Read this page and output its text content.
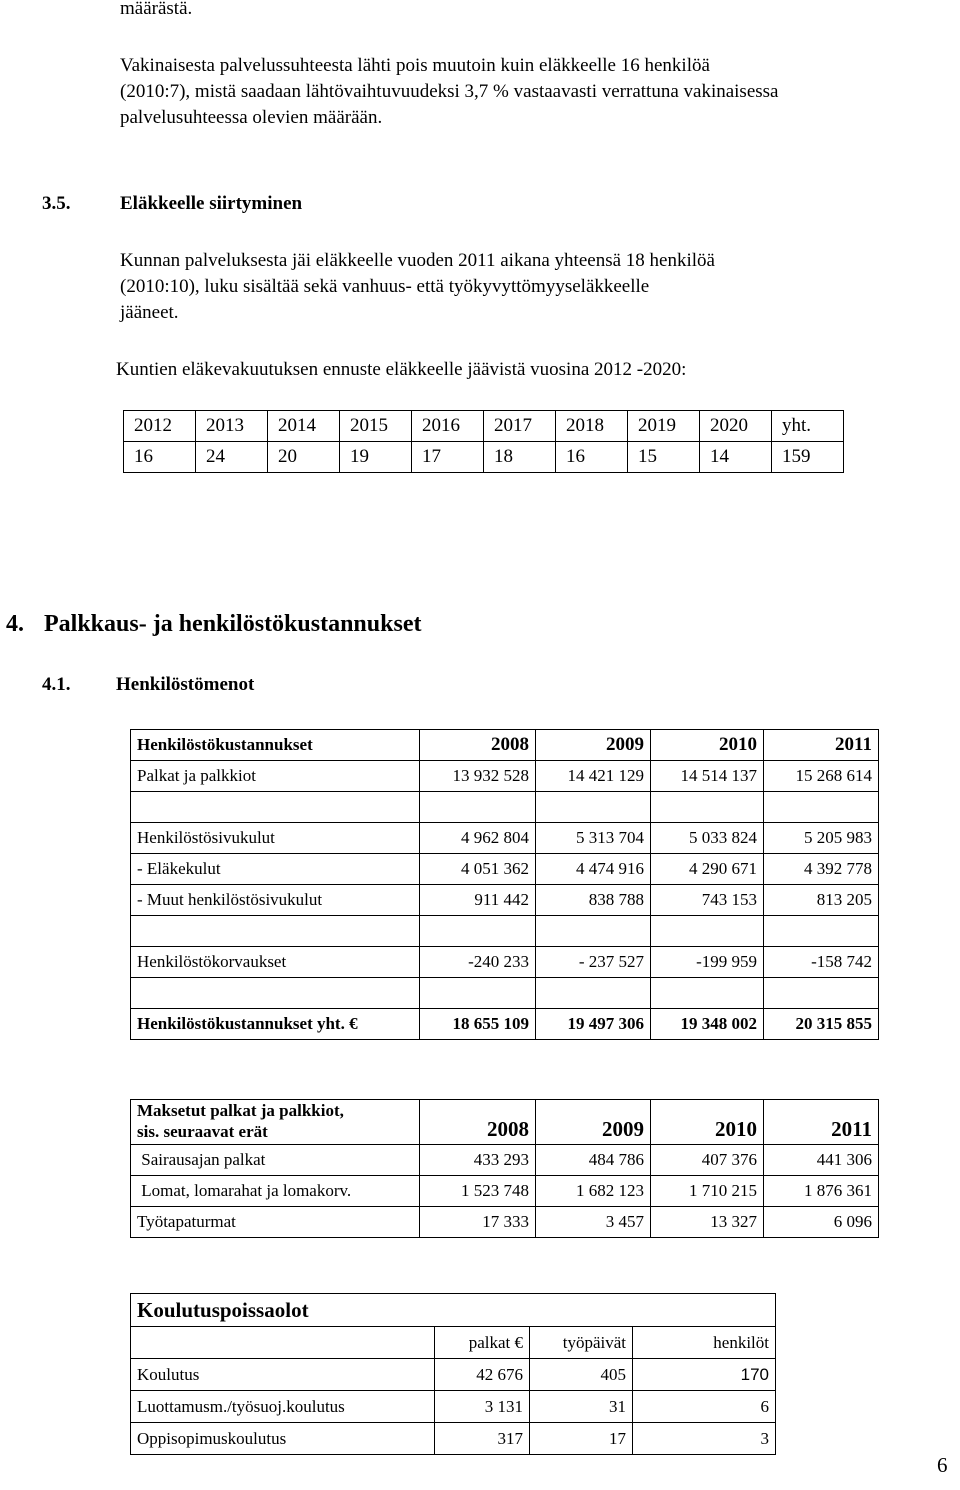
määrästä.
Vakinaisesta palvelussuhteesta lähti pois muutoin kuin eläkkeelle 16 henkilöä
(2010:7), mistä saadaan lähtövaihtuvuudeksi 3,7 % vastaavasti verrattuna vakinaisessa
palvelusuhteessa olevien määrään.
3.5.	Eläkkeelle siirtyminen
Kunnan palveluksesta jäi eläkkeelle vuoden 2011 aikana yhteensä 18 henkilöä
(2010:10), luku sisältää sekä vanhuus- että työkyvyttömyyseläkkeelle
jääneet.
Kuntien eläkevakuutuksen ennuste eläkkeelle jäävistä vuosina 2012 -2020:
2012	2013	2014	2015	2016	2017	2018	2019	2020	yht.
16	24	20	19	17	18	16	15	14	159
4. Palkkaus- ja henkilöstökustannukset
4.1. Henkilöstömenot
Henkilöstökustannukset	2008	2009	2010	2011
Palkat ja palkkiot	13 932 528	14 421 129	14 514 137	15 268 614

Henkilöstösivukulut	4 962 804	5 313 704	5 033 824	5 205 983
- Eläkekulut	4 051 362	4 474 916	4 290 671	4 392 778
- Muut henkilöstösivukulut	911 442	838 788	743 153	813 205

Henkilöstökorvaukset	-240 233	- 237 527	-199 959	-158 742

Henkilöstökustannukset yht. €	18 655 109	19 497 306	19 348 002	20 315 855
Maksetut palkat ja palkkiot,
sis. seuraavat erät	2008	2009	2010	2011
Sairausajan palkat	433 293	484 786	407 376	441 306
Lomat, lomarahat ja lomakorv.	1 523 748	1 682 123	1 710 215	1 876 361
Työtapaturmat	17 333	3 457	13 327	6 096
Koulutuspoissaolot			
	palkat €	työpäivät	henkilöt
Koulutus	42 676	405	170
Luottamusm./työsuoj.koulutus	3 131	31	6
Oppisopimuskoulutus	317	17	3
6
